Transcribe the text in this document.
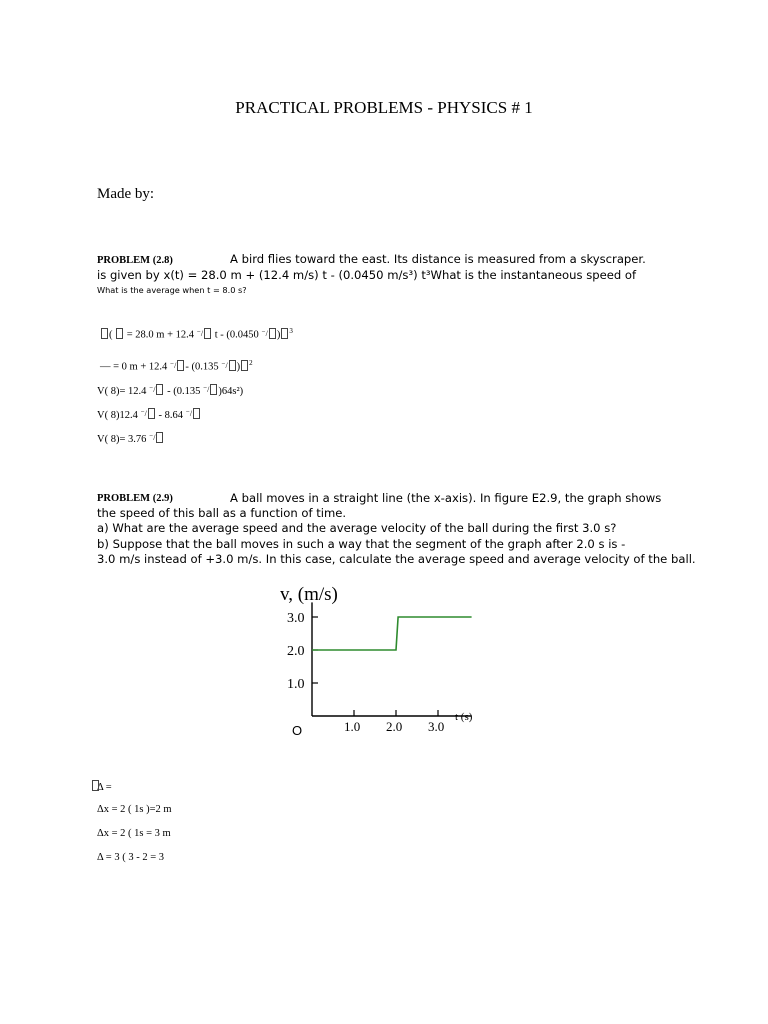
PRACTICAL PROBLEMS - PHYSICS # 1
Made by:
PROBLEM (2.8)	A bird flies toward the east. Its distance is measured from a skyscraper.
is given by x(t) = 28.0 m + (12.4 m/s) t - (0.0450 m/s³) t³What is the instantaneous speed of
What is the average when t = 8.0 s?
(  = 28.0 m + 12.4 ⁻/ t - (0.0450 ⁻/ ) $^3$
— = 0 m + 12.4 ⁻/ - (0.135 ⁻/ ) $^2$
V( 8)= 12.4 ⁻/ - (0.135 ⁻/ )64s²)
V( 8)12.4 ⁻/ - 8.64 ⁻/
V( 8)= 3.76 ⁻/
PROBLEM (2.9)	A ball moves in a straight line (the x-axis). In figure E2.9, the graph shows
the speed of this ball as a function of time.
a) What are the average speed and the average velocity of the ball during the first 3.0 s?
b) Suppose that the ball moves in such a way that the segment of the graph after 2.0 s is -
3.0 m/s instead of +3.0 m/s. In this case, calculate the average speed and average velocity of the ball.
v, (m/s)
t (s)
O
1.0
2.0
3.0
1.0 2.0 3.0
Δ =
Δx = 2 ( 1s )=2 m
Δx = 2 ( 1s = 3 m
Δ = 3 ( 3 - 2 = 3
